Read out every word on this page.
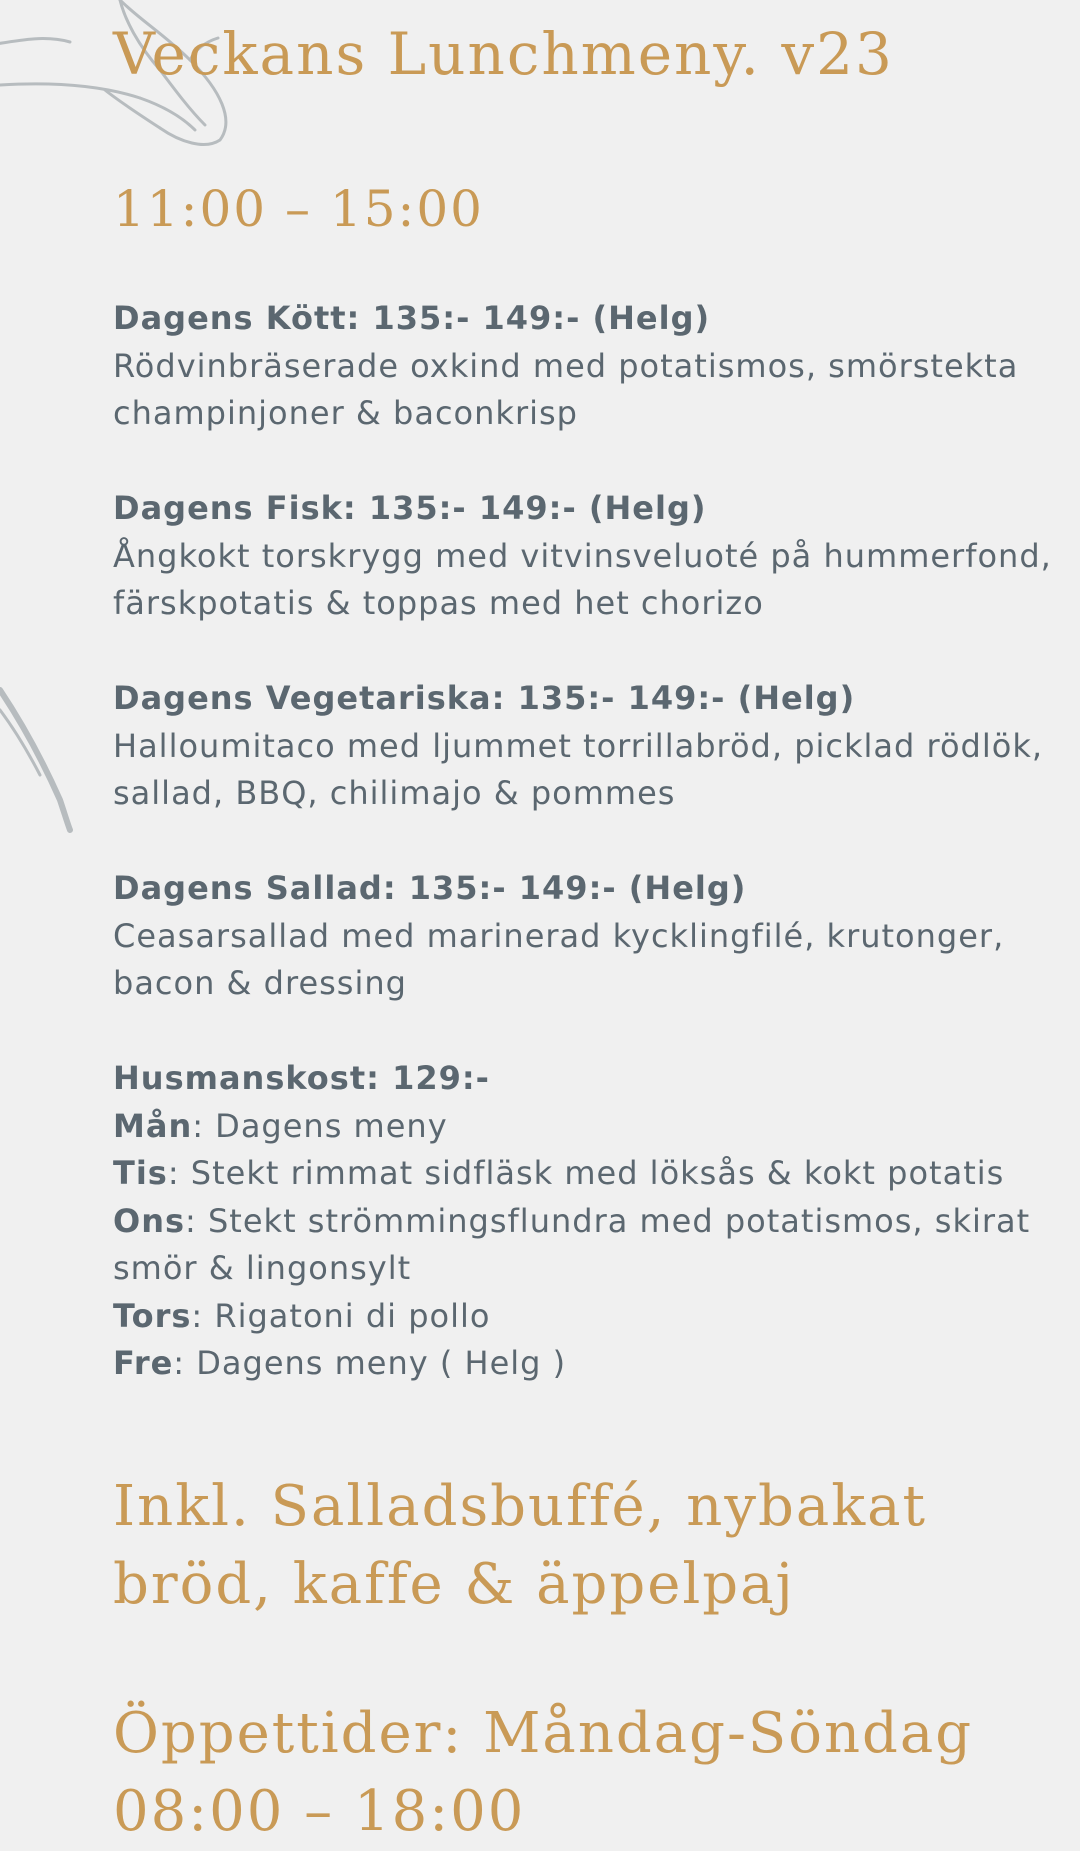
Veckans Lunchmeny. v23
11:00 – 15:00
Dagens Kött: 135:- 149:- (Helg)
Rödvinbräserade oxkind med potatismos, smörstekta champinjoner & baconkrisp
Dagens Fisk: 135:- 149:- (Helg)
Ångkokt torskrygg med vitvinsveluoté på hummerfond, färskpotatis & toppas med het chorizo
Dagens Vegetariska: 135:- 149:- (Helg)
Halloumitaco med ljummet torrillabröd, picklad rödlök, sallad, BBQ, chilimajo & pommes
Dagens Sallad: 135:- 149:- (Helg)
Ceasarsallad med marinerad kycklingfilé, krutonger, bacon & dressing
Husmanskost: 129:-
Mån: Dagens meny
Tis: Stekt rimmat sidfläsk med löksås & kokt potatis
Ons: Stekt strömmingsflundra med potatismos, skirat smör & lingonsylt
Tors: Rigatoni di pollo
Fre: Dagens meny ( Helg )

Inkl. Salladsbuffé, nybakat bröd, kaffe & äppelpaj

Öppettider: Måndag-Söndag
08:00 – 18:00
